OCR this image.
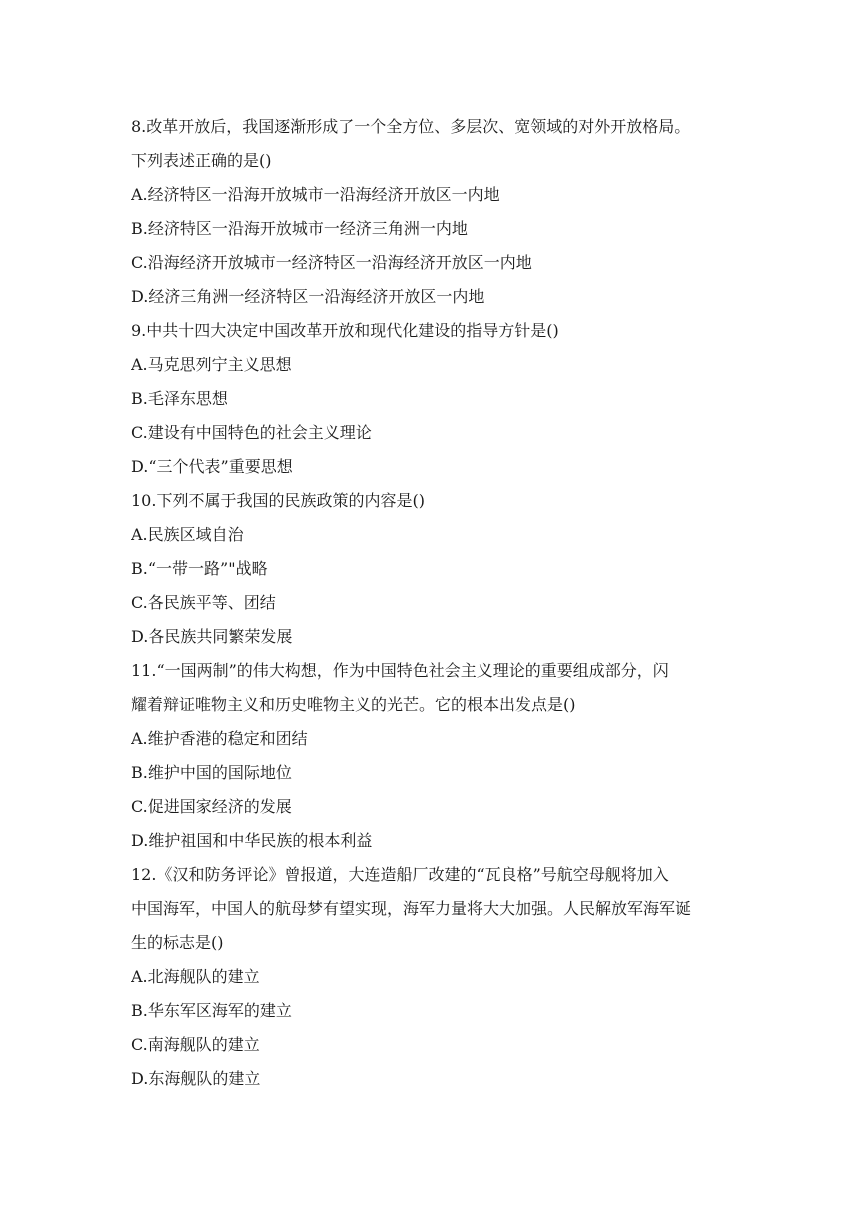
8.改革开放后，我国逐渐形成了一个全方位、多层次、宽领域的对外开放格局。
下列表述正确的是()
A.经济特区一沿海开放城市一沿海经济开放区一内地
B.经济特区一沿海开放城市一经济三角洲一内地
C.沿海经济开放城市一经济特区一沿海经济开放区一内地
D.经济三角洲一经济特区一沿海经济开放区一内地
9.中共十四大决定中国改革开放和现代化建设的指导方针是()
A.马克思列宁主义思想
B.毛泽东思想
C.建设有中国特色的社会主义理论
D.“三个代表”重要思想
10.下列不属于我国的民族政策的内容是()
A.民族区域自治
B.“一带一路”"战略
C.各民族平等、团结
D.各民族共同繁荣发展
11.“一国两制”的伟大构想，作为中国特色社会主义理论的重要组成部分，闪
耀着辩证唯物主义和历史唯物主义的光芒。它的根本出发点是()
A.维护香港的稳定和团结
B.维护中国的国际地位
C.促进国家经济的发展
D.维护祖国和中华民族的根本利益
12.《汉和防务评论》曾报道，大连造船厂改建的“瓦良格”号航空母舰将加入
中国海军，中国人的航母梦有望实现，海军力量将大大加强。人民解放军海军诞
生的标志是()
A.北海舰队的建立
B.华东军区海军的建立
C.南海舰队的建立
D.东海舰队的建立
